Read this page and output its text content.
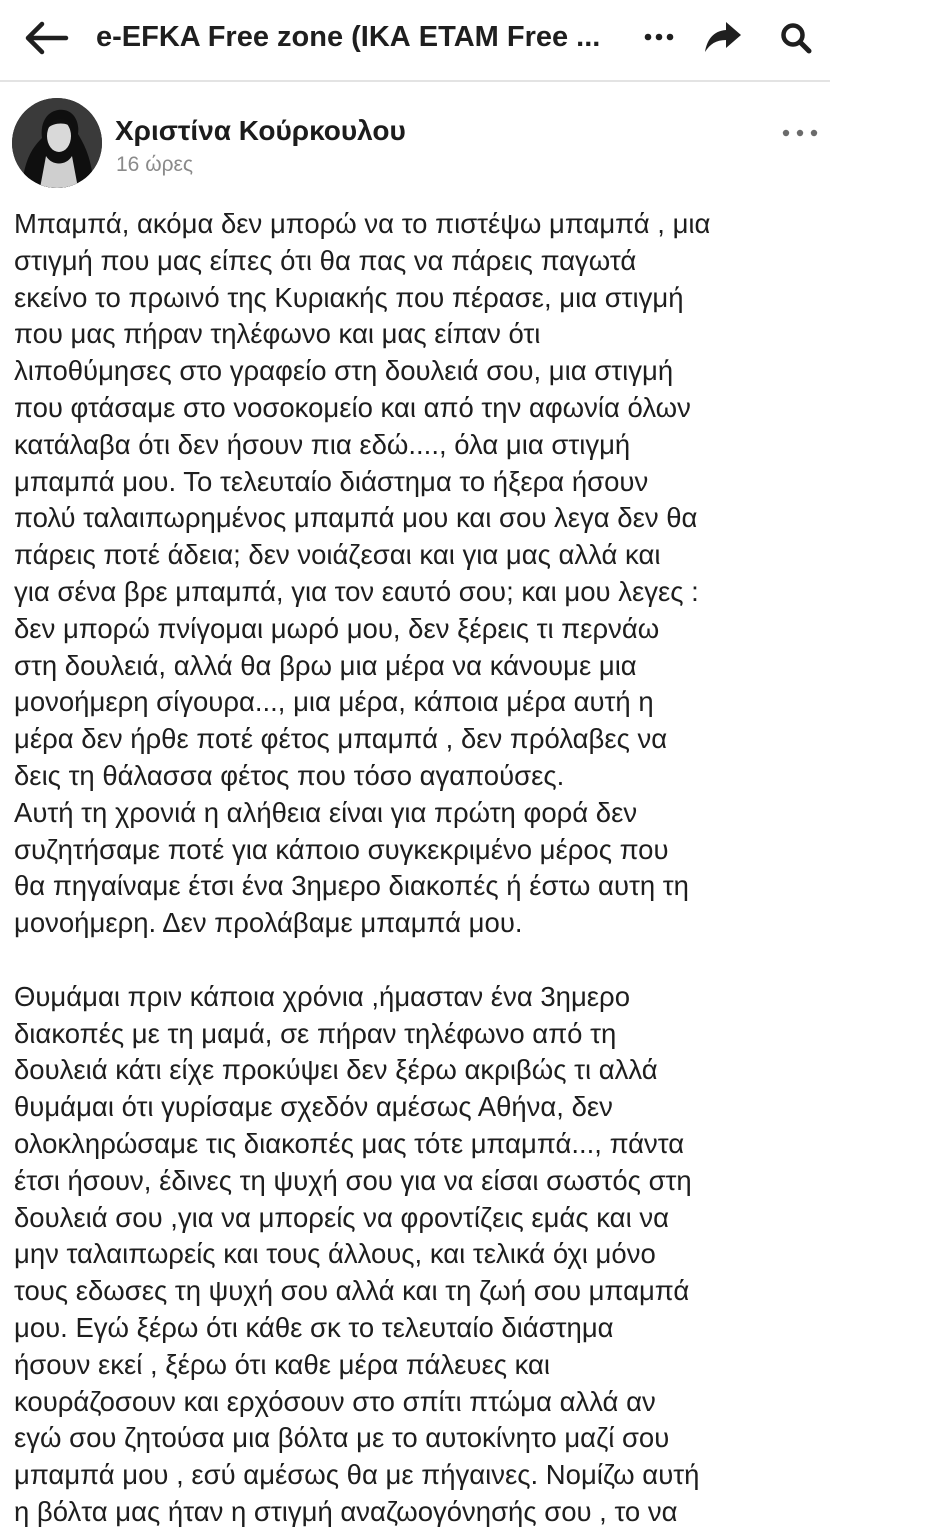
e-EFKA Free zone (ΙΚΑ ΕΤΑΜ Free ...
Χριστίνα Κούρκουλου
16 ώρες
Μπαμπά, ακόμα δεν μπορώ να το πιστέψω μπαμπά , μια
στιγμή που μας είπες ότι θα πας να πάρεις παγωτά
εκείνο το πρωινό της Κυριακής που πέρασε, μια στιγμή
που μας πήραν τηλέφωνο και μας είπαν ότι
λιποθύμησες στο γραφείο στη δουλειά σου, μια στιγμή
που φτάσαμε στο νοσοκομείο και από την αφωνία όλων
κατάλαβα ότι δεν ήσουν πια εδώ...., όλα μια στιγμή
μπαμπά μου. Το τελευταίο διάστημα το ήξερα ήσουν
πολύ ταλαιπωρημένος μπαμπά μου και σου λεγα δεν θα
πάρεις ποτέ άδεια; δεν νοιάζεσαι και για μας αλλά και
για σένα βρε μπαμπά, για τον εαυτό σου; και μου λεγες :
δεν μπορώ πνίγομαι μωρό μου, δεν ξέρεις τι περνάω
στη δουλειά, αλλά θα βρω μια μέρα να κάνουμε μια
μονοήμερη σίγουρα..., μια μέρα, κάποια μέρα αυτή η
μέρα δεν ήρθε ποτέ φέτος μπαμπά , δεν πρόλαβες να
δεις τη θάλασσα φέτος που τόσο αγαπούσες.
Αυτή τη χρονιά η αλήθεια είναι για πρώτη φορά δεν
συζητήσαμε ποτέ για κάποιο συγκεκριμένο μέρος που
θα πηγαίναμε έτσι ένα 3ημερο διακοπές ή έστω αυτη τη
μονοήμερη. Δεν προλάβαμε μπαμπά μου.
Θυμάμαι πριν κάποια χρόνια ,ήμασταν ένα 3ημερο
διακοπές με τη μαμά, σε πήραν τηλέφωνο από τη
δουλειά κάτι είχε προκύψει δεν ξέρω ακριβώς τι αλλά
θυμάμαι ότι γυρίσαμε σχεδόν αμέσως Αθήνα, δεν
ολοκληρώσαμε τις διακοπές μας τότε μπαμπά..., πάντα
έτσι ήσουν, έδινες τη ψυχή σου για να είσαι σωστός στη
δουλειά σου ,για να μπορείς να φροντίζεις εμάς και να
μην ταλαιπωρείς και τους άλλους, και τελικά όχι μόνο
τους εδωσες τη ψυχή σου αλλά και τη ζωή σου μπαμπά
μου. Εγώ ξέρω ότι κάθε σκ το τελευταίο διάστημα
ήσουν εκεί , ξέρω ότι καθε μέρα πάλευες και
κουράζοσουν και ερχόσουν στο σπίτι πτώμα αλλά αν
εγώ σου ζητούσα μια βόλτα με το αυτοκίνητο μαζί σου
μπαμπά μου , εσύ αμέσως θα με πήγαινες. Νομίζω αυτή
η βόλτα μας ήταν η στιγμή αναζωογόνησής σου , το να
